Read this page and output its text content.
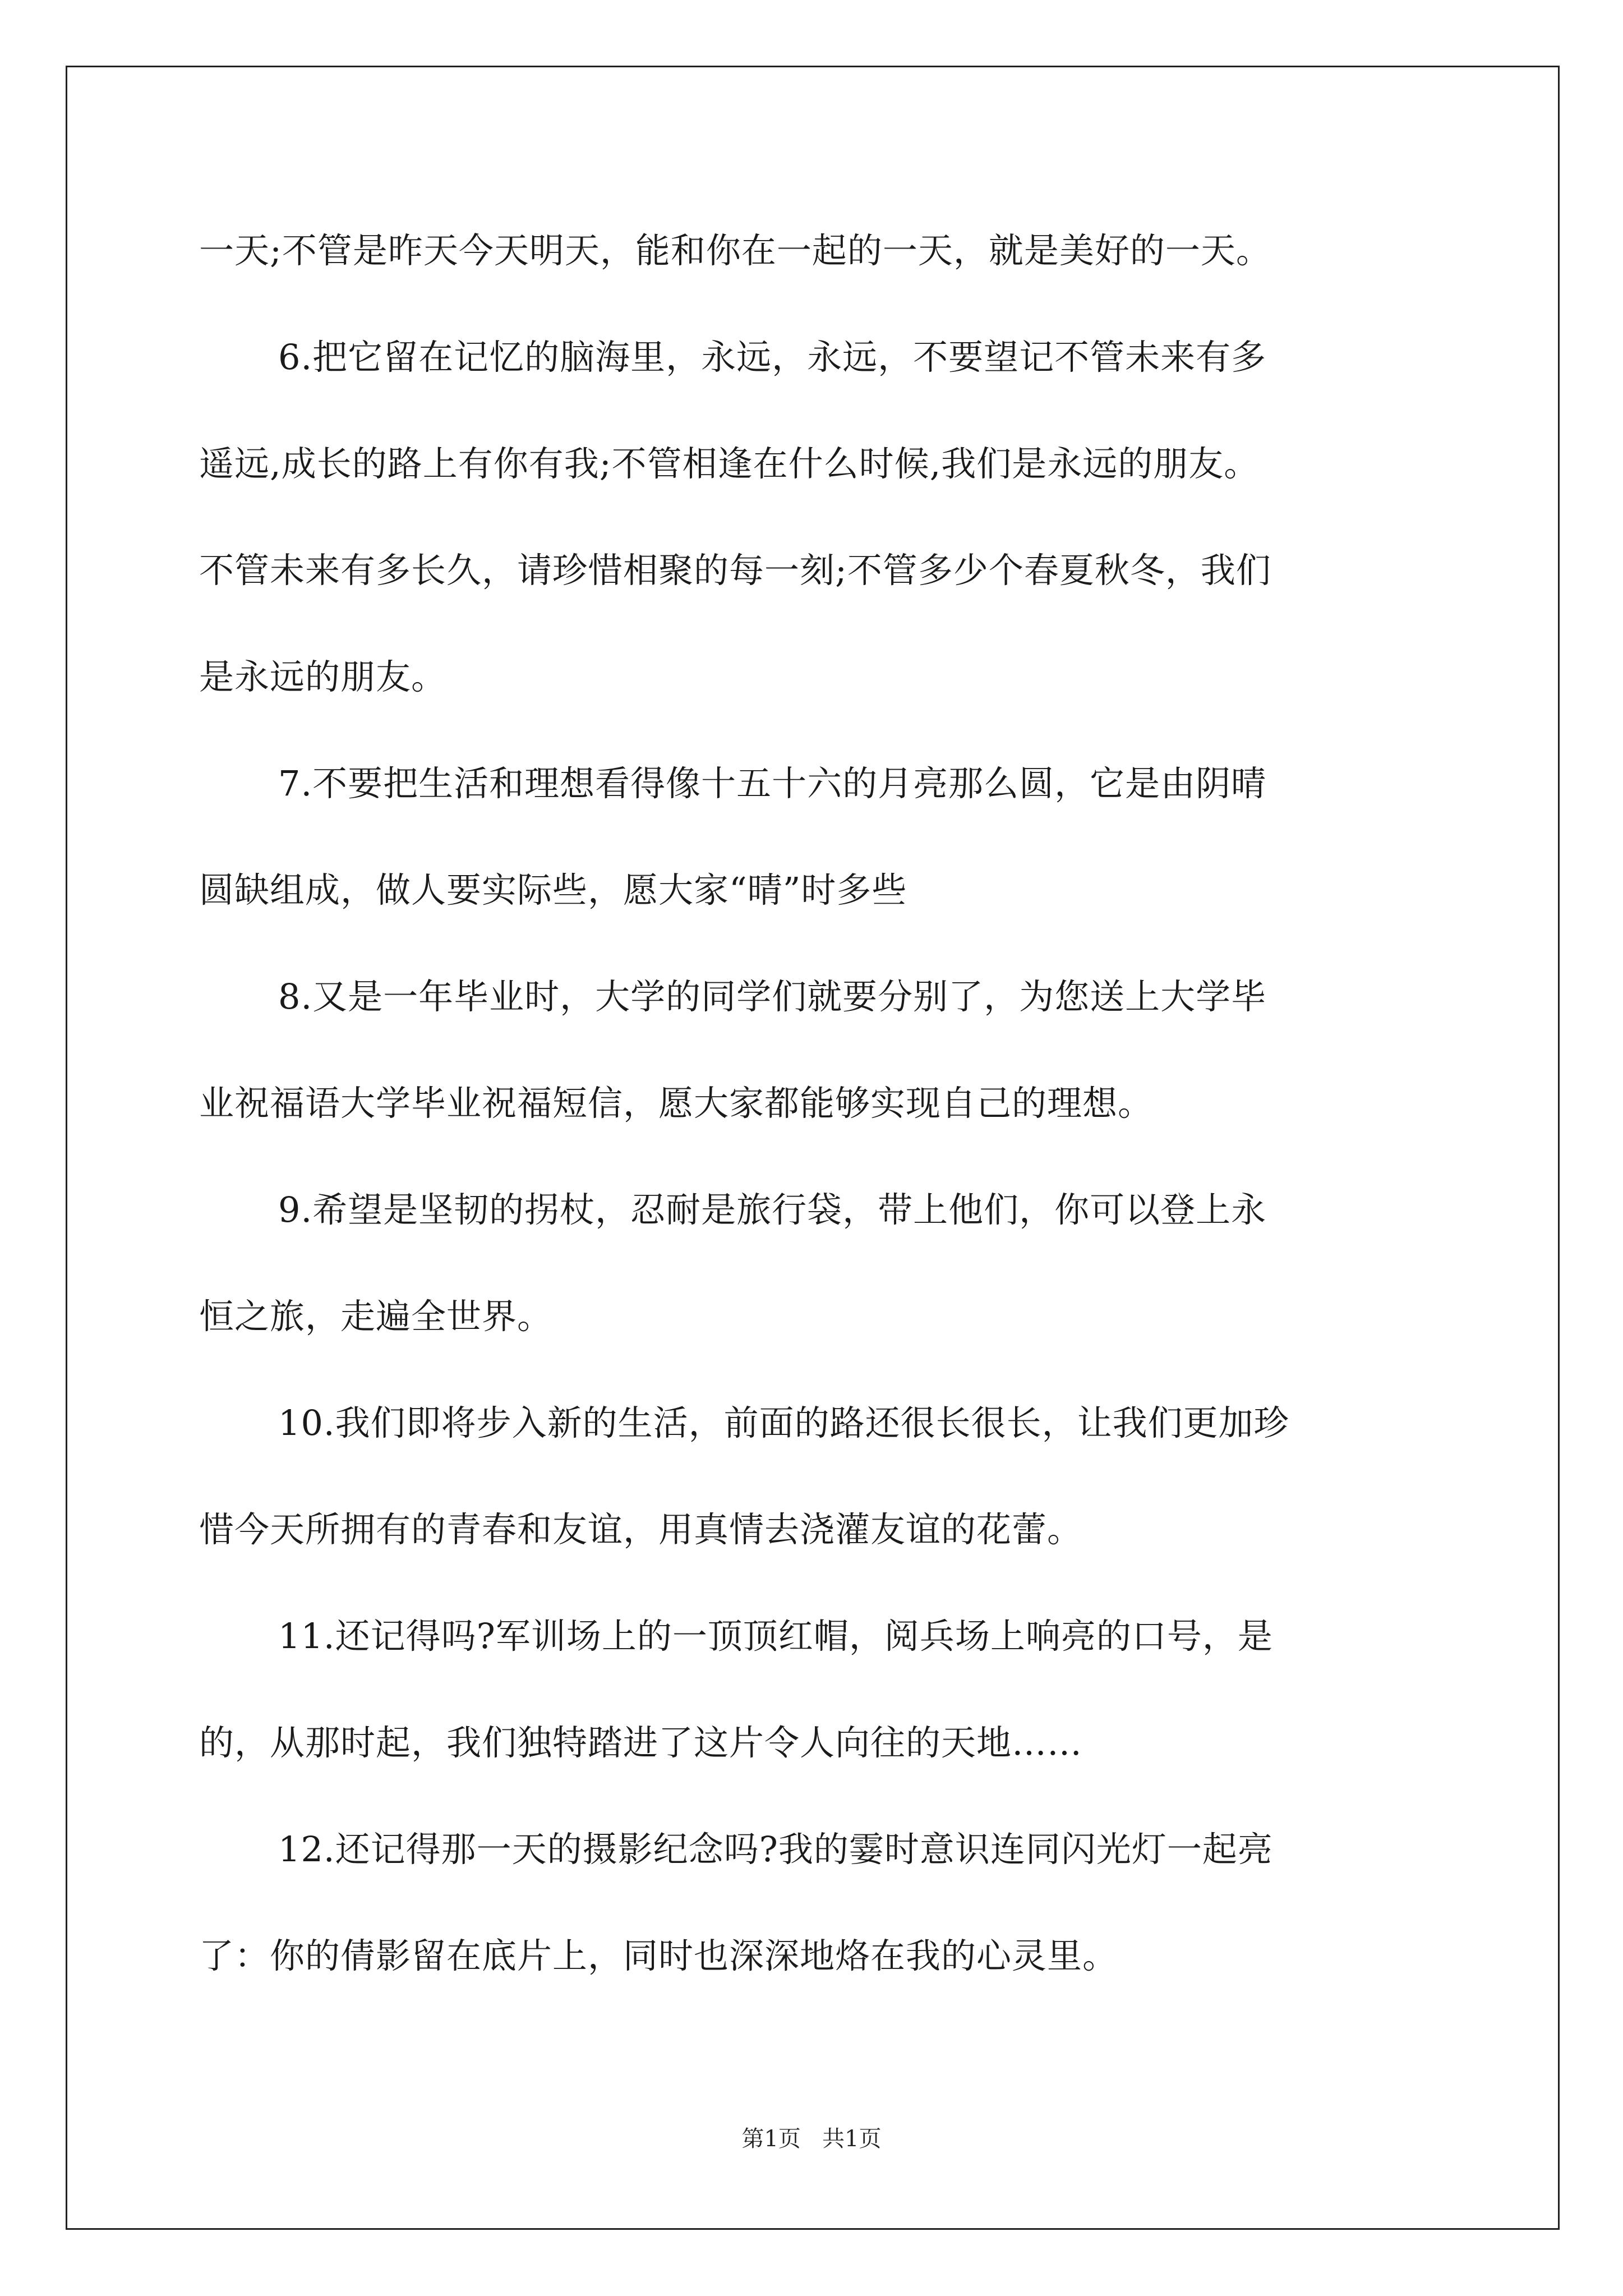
一天;不管是昨天今天明天，能和你在一起的一天，就是美好的一天。
6.把它留在记忆的脑海里，永远，永远，不要望记不管未来有多
遥远,成长的路上有你有我;不管相逢在什么时候,我们是永远的朋友。
不管未来有多长久，请珍惜相聚的每一刻;不管多少个春夏秋冬，我们
是永远的朋友。
7.不要把生活和理想看得像十五十六的月亮那么圆，它是由阴晴
圆缺组成，做人要实际些，愿大家“晴”时多些
8.又是一年毕业时，大学的同学们就要分别了，为您送上大学毕
业祝福语大学毕业祝福短信，愿大家都能够实现自己的理想。
9.希望是坚韧的拐杖，忍耐是旅行袋，带上他们，你可以登上永
恒之旅，走遍全世界。
10.我们即将步入新的生活，前面的路还很长很长，让我们更加珍
惜今天所拥有的青春和友谊，用真情去浇灌友谊的花蕾。
11.还记得吗?军训场上的一顶顶红帽，阅兵场上响亮的口号，是
的，从那时起，我们独特踏进了这片令人向往的天地……
12.还记得那一天的摄影纪念吗?我的霎时意识连同闪光灯一起亮
了：你的倩影留在底片上，同时也深深地烙在我的心灵里。
第1页   共1页
